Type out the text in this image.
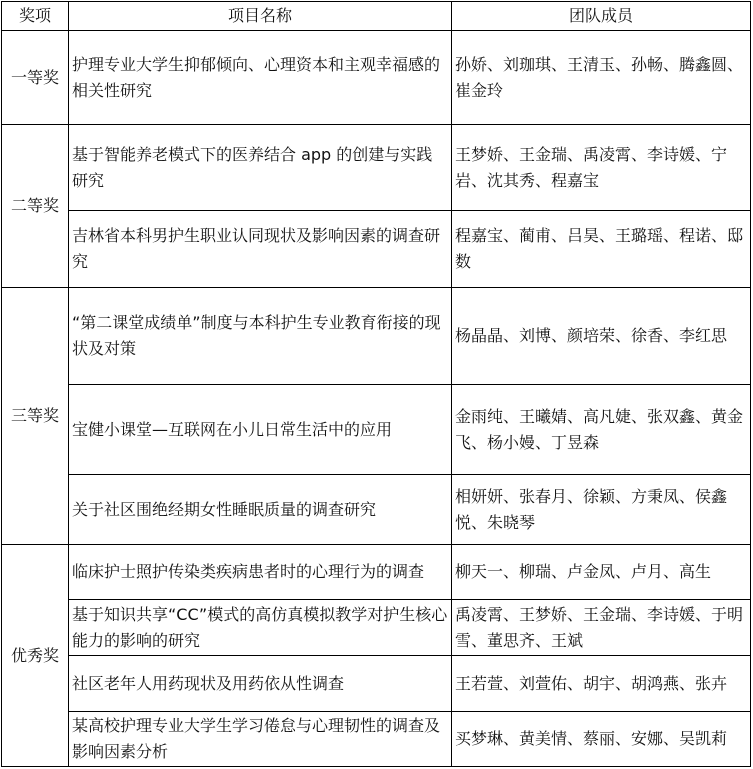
奖项	项目名称	团队成员
一等奖	护理专业大学生抑郁倾向、心理资本和主观幸福感的相关性研究	孙娇、刘珈琪、王清玉、孙畅、腾鑫圆、崔金玲
二等奖	基于智能养老模式下的医养结合 app 的创建与实践研究	王梦娇、王金瑞、禹凌霄、李诗媛、宁岩、沈其秀、程嘉宝
	吉林省本科男护生职业认同现状及影响因素的调查研究	程嘉宝、蔺甫、吕昊、王璐瑶、程诺、邸数
三等奖	“第二课堂成绩单”制度与本科护生专业教育衔接的现状及对策	杨晶晶、刘博、颜培荣、徐香、李红思
	宝健小课堂—互联网在小儿日常生活中的应用	金雨纯、王曦婧、高凡婕、张双鑫、黄金飞、杨小嫚、丁昱森
	关于社区围绝经期女性睡眠质量的调查研究	相妍妍、张春月、徐颖、方秉凤、侯鑫悦、朱晓琴
优秀奖	临床护士照护传染类疾病患者时的心理行为的调查	柳天一、柳瑞、卢金凤、卢月、高生
	基于知识共享“CC”模式的高仿真模拟教学对护生核心能力的影响的研究	禹凌霄、王梦娇、王金瑞、李诗媛、于明雪、董思齐、王斌
	社区老年人用药现状及用药依从性调查	王若萱、刘萱佑、胡宇、胡鸿燕、张卉
	某高校护理专业大学生学习倦怠与心理韧性的调查及影响因素分析	买梦琳、黄美情、蔡丽、安娜、吴凯莉
